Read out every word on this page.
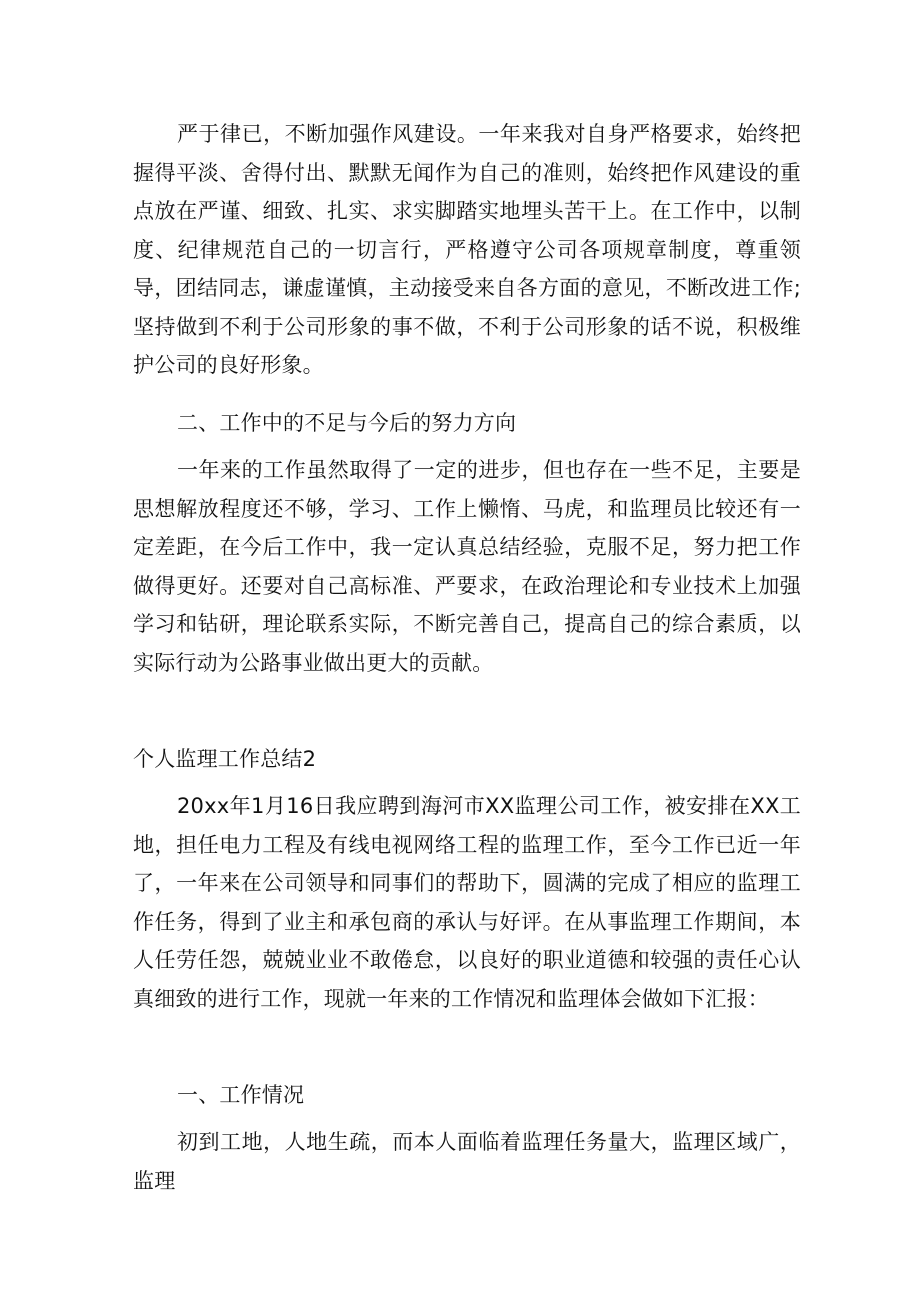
严于律已，不断加强作风建设。一年来我对自身严格要求，始终把握得平淡、舍得付出、默默无闻作为自己的准则，始终把作风建设的重点放在严谨、细致、扎实、求实脚踏实地埋头苦干上。在工作中，以制度、纪律规范自己的一切言行，严格遵守公司各项规章制度，尊重领导，团结同志，谦虚谨慎，主动接受来自各方面的意见，不断改进工作;坚持做到不利于公司形象的事不做，不利于公司形象的话不说，积极维护公司的良好形象。

二、工作中的不足与今后的努力方向

一年来的工作虽然取得了一定的进步，但也存在一些不足，主要是思想解放程度还不够，学习、工作上懒惰、马虎，和监理员比较还有一定差距，在今后工作中，我一定认真总结经验，克服不足，努力把工作做得更好。还要对自己高标准、严要求，在政治理论和专业技术上加强学习和钻研，理论联系实际，不断完善自己，提高自己的综合素质，以实际行动为公路事业做出更大的贡献。

个人监理工作总结2

20xx年1月16日我应聘到海河市XX监理公司工作，被安排在XX工地，担任电力工程及有线电视网络工程的监理工作，至今工作已近一年了，一年来在公司领导和同事们的帮助下，圆满的完成了相应的监理工作任务，得到了业主和承包商的承认与好评。在从事监理工作期间，本人任劳任怨，兢兢业业不敢倦怠，以良好的职业道德和较强的责任心认真细致的进行工作，现就一年来的工作情况和监理体会做如下汇报：

一、工作情况

初到工地，人地生疏，而本人面临着监理任务量大，监理区域广，监理
